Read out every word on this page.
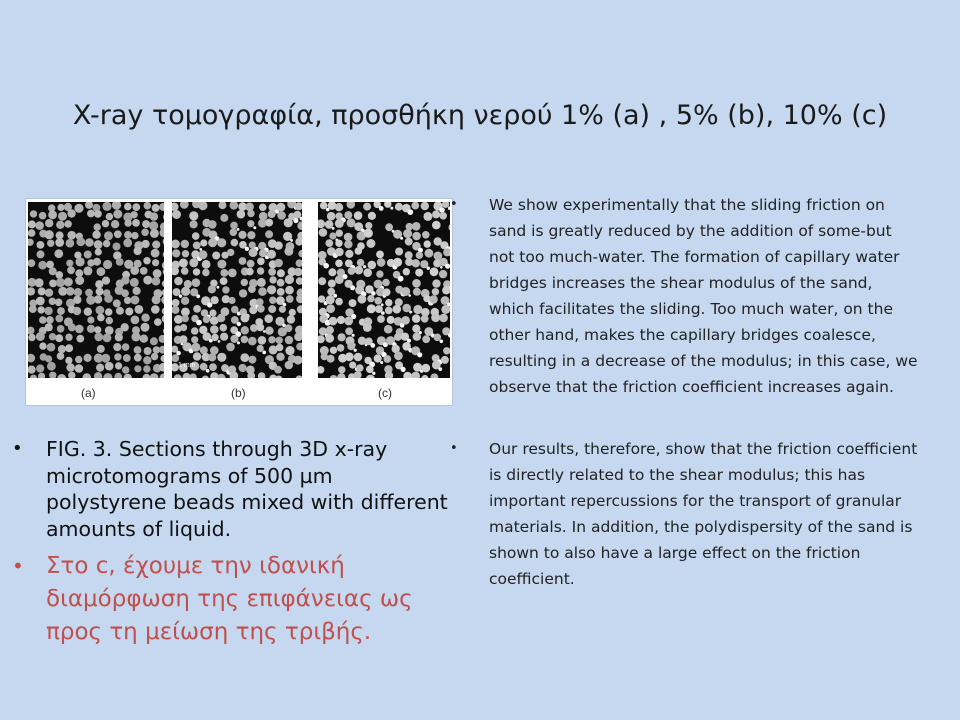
X-ray τομογραφία, προσθήκη νερού 1% (a) , 5% (b), 10% (c)
1 mm
(a)	(b)	(c)
• FIG. 3. Sections through 3D x-ray microtomograms of 500 µm polystyrene beads mixed with different amounts of liquid.
• Στο c, έχουμε την ιδανική διαμόρφωση της επιφάνειας ως προς τη μείωση της τριβής.
• We show experimentally that the sliding friction on sand is greatly reduced by the addition of some-but not too much-water. The formation of capillary water bridges increases the shear modulus of the sand, which facilitates the sliding. Too much water, on the other hand, makes the capillary bridges coalesce, resulting in a decrease of the modulus; in this case, we observe that the friction coefficient increases again.
• Our results, therefore, show that the friction coefficient is directly related to the shear modulus; this has important repercussions for the transport of granular materials. In addition, the polydispersity of the sand is shown to also have a large effect on the friction coefficient.
